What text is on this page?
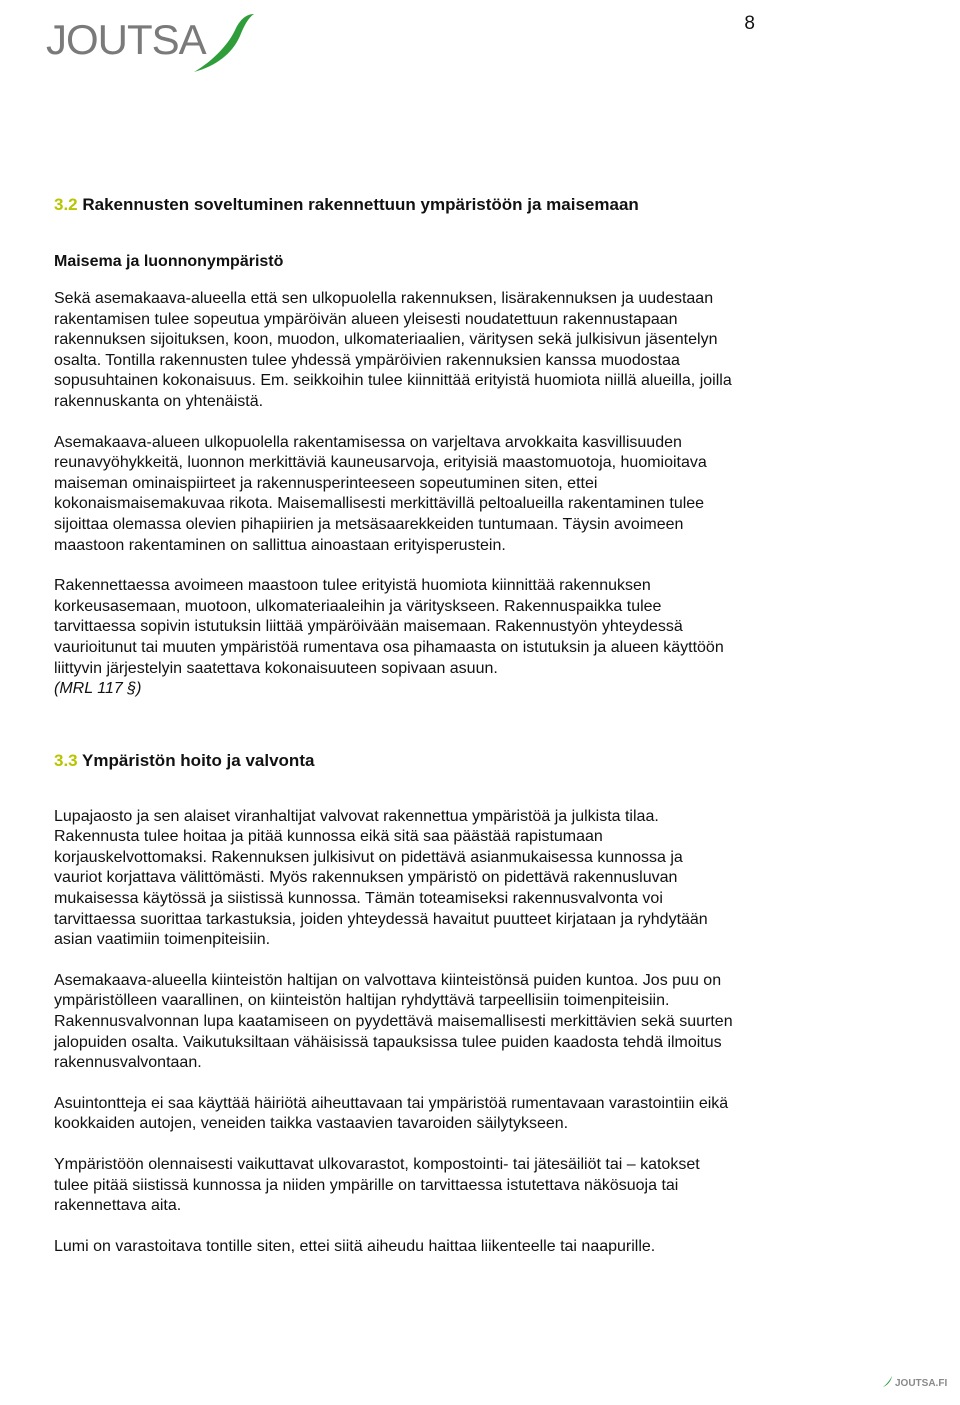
JOUTSA	8
3.2 Rakennusten soveltuminen rakennettuun ympäristöön ja maisemaan
Maisema ja luonnonympäristö

Sekä asemakaava-alueella että sen ulkopuolella rakennuksen, lisärakennuksen ja uudestaan rakentamisen tulee sopeutua ympäröivän alueen yleisesti noudatettuun rakennustapaan rakennuksen sijoituksen, koon, muodon, ulkomateriaalien, väritysen sekä julkisivun jäsentelyn osalta. Tontilla rakennusten tulee yhdessä ympäröivien rakennuksien kanssa muodostaa sopusuhtainen kokonaisuus. Em. seikkoihin tulee kiinnittää erityistä huomiota niillä alueilla, joilla rakennuskanta on yhtenäistä.

Asemakaava-alueen ulkopuolella rakentamisessa on varjeltava arvokkaita kasvillisuuden reunavyöhykkeitä, luonnon merkittäviä kauneusarvoja, erityisiä maastomuotoja, huomioitava maiseman ominaispiirteet ja rakennusperinteeseen sopeutuminen siten, ettei kokonaismaisemakuvaa rikota. Maisemallisesti merkittävillä peltoalueilla rakentaminen tulee sijoittaa olemassa olevien pihapiirien ja metsäsaarekkeiden tuntumaan. Täysin avoimeen maastoon rakentaminen on sallittua ainoastaan erityisperustein.

Rakennettaessa avoimeen maastoon tulee erityistä huomiota kiinnittää rakennuksen korkeusasemaan, muotoon, ulkomateriaaleihin ja värityskseen. Rakennuspaikka tulee tarvittaessa sopivin istutuksin liittää ympäröivään maisemaan. Rakennustyön yhteydessä vaurioitunut tai muuten ympäristöä rumentava osa pihamaasta on istutuksin ja alueen käyttöön liittyvin järjestelyin saatettava kokonaisuuteen sopivaan asuun.

(MRL 117 §)

3.3 Ympäristön hoito ja valvonta

Lupajaosto ja sen alaiset viranhaltijat valvovat rakennettua ympäristöä ja julkista tilaa. Rakennusta tulee hoitaa ja pitää kunnossa eikä sitä saa päästää rapistumaan korjauskelvottomaksi. Rakennuksen julkisivut on pidettävä asianmukaisessa kunnossa ja vauriot korjattava välittömästi. Myös rakennuksen ympäristö on pidettävä rakennusluvan mukaisessa käytössä ja siistissä kunnossa. Tämän toteamiseksi rakennusvalvonta voi tarvittaessa suorittaa tarkastuksia, joiden yhteydessä havaitut puutteet kirjataan ja ryhdytään asian vaatimiin toimenpiteisiin.

Asemakaava-alueella kiinteistön haltijan on valvottava kiinteistönsä puiden kuntoa. Jos puu on ympäristölleen vaarallinen, on kiinteistön haltijan ryhdyttävä tarpeellisiin toimenpiteisiin. Rakennusvalvonnan lupa kaatamiseen on pyydettävä maisemallisesti merkittävien sekä suurten jalopuiden osalta. Vaikutuksiltaan vähäisissä tapauksissa tulee puiden kaadosta tehdä ilmoitus rakennusvalvontaan.

Asuintontteja ei saa käyttää häiriötä aiheuttavaan tai ympäristöä rumentavaan varastointiin eikä kookkaiden autojen, veneiden taikka vastaavien tavaroiden säilytykseen.

Ympäristöön olennaisesti vaikuttavat ulkovarastot, kompostointi- tai jätesäiliöt tai – katokset tulee pitää siistissä kunnossa ja niiden ympärille on tarvittaessa istutettava näkösuoja tai rakennettava aita.

Lumi on varastoitava tontille siten, ettei siitä aiheudu haittaa liikenteelle tai naapurille.

JOUTSA.FI
